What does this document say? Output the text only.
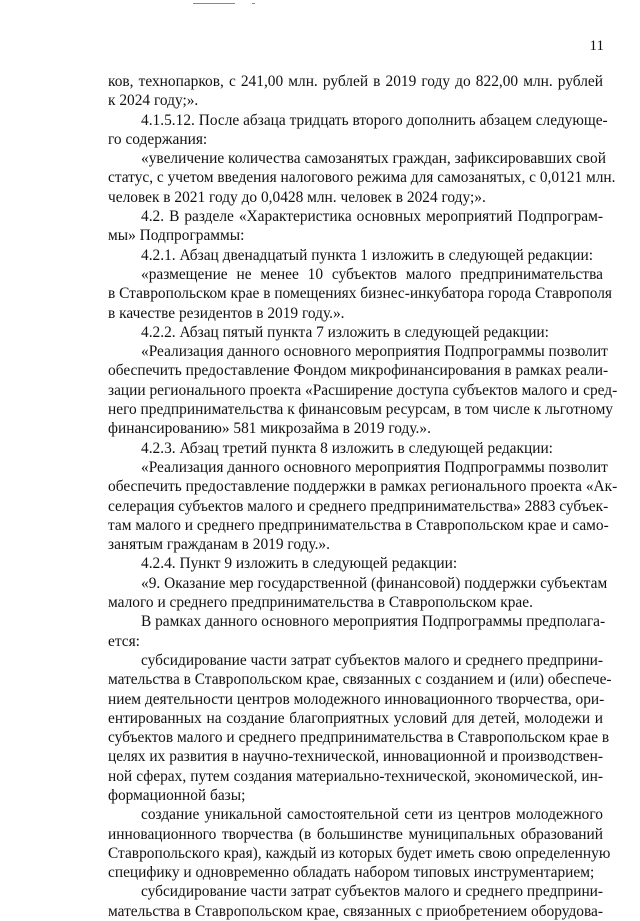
11
ков, технопарков, с 241,00 млн. рублей в 2019 году до 822,00 млн. рублей
к 2024 году;».
4.1.5.12. После абзаца тридцать второго дополнить абзацем следующе-
го содержания:
«увеличение количества самозанятых граждан, зафиксировавших свой
статус, с учетом введения налогового режима для самозанятых, с 0,0121 млн.
человек в 2021 году до 0,0428 млн. человек в 2024 году;».
4.2. В разделе «Характеристика основных мероприятий Подпрограм-
мы» Подпрограммы:
4.2.1. Абзац двенадцатый пункта 1 изложить в следующей редакции:
«размещение не менее 10 субъектов малого предпринимательства
в Ставропольском крае в помещениях бизнес-инкубатора города Ставрополя
в качестве резидентов в 2019 году.».
4.2.2. Абзац пятый пункта 7 изложить в следующей редакции:
«Реализация данного основного мероприятия Подпрограммы позволит
обеспечить предоставление Фондом микрофинансирования в рамках реали-
зации регионального проекта «Расширение доступа субъектов малого и сред-
него предпринимательства к финансовым ресурсам, в том числе к льготному
финансированию» 581 микрозайма в 2019 году.».
4.2.3. Абзац третий пункта 8 изложить в следующей редакции:
«Реализация данного основного мероприятия Подпрограммы позволит
обеспечить предоставление поддержки в рамках регионального проекта «Ак-
селерация субъектов малого и среднего предпринимательства» 2883 субъек-
там малого и среднего предпринимательства в Ставропольском крае и само-
занятым гражданам в 2019 году.».
4.2.4. Пункт 9 изложить в следующей редакции:
«9. Оказание мер государственной (финансовой) поддержки субъектам
малого и среднего предпринимательства в Ставропольском крае.
В рамках данного основного мероприятия Подпрограммы предполага-
ется:
субсидирование части затрат субъектов малого и среднего предприни-
мательства в Ставропольском крае, связанных с созданием и (или) обеспече-
нием деятельности центров молодежного инновационного творчества, ори-
ентированных на создание благоприятных условий для детей, молодежи и
субъектов малого и среднего предпринимательства в Ставропольском крае в
целях их развития в научно-технической, инновационной и производствен-
ной сферах, путем создания материально-технической, экономической, ин-
формационной базы;
создание уникальной самостоятельной сети из центров молодежного
инновационного творчества (в большинстве муниципальных образований
Ставропольского края), каждый из которых будет иметь свою определенную
специфику и одновременно обладать набором типовых инструментарием;
субсидирование части затрат субъектов малого и среднего предприни-
мательства в Ставропольском крае, связанных с приобретением оборудова-
